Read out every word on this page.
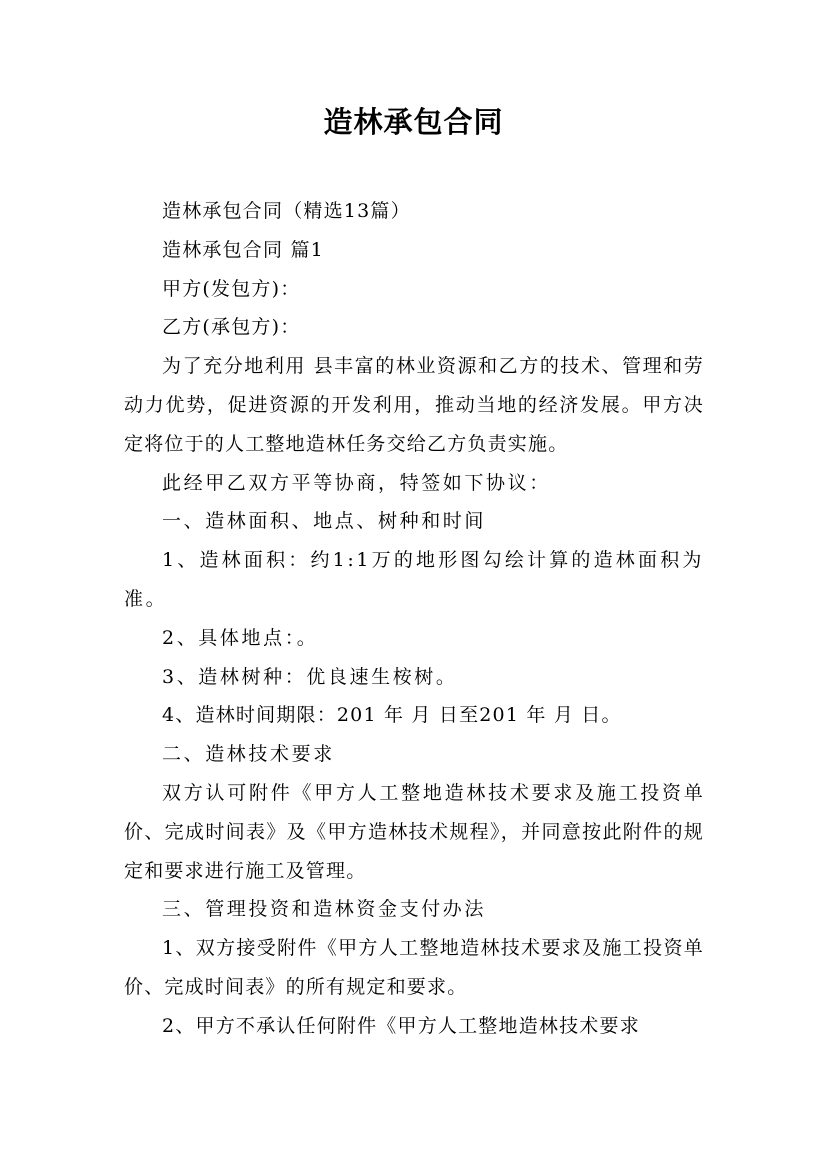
造林承包合同

造林承包合同（精选13篇）

造林承包合同 篇1

甲方(发包方)：

乙方(承包方)：

为了充分地利用 县丰富的林业资源和乙方的技术、管理和劳动力优势，促进资源的开发利用，推动当地的经济发展。甲方决定将位于的人工整地造林任务交给乙方负责实施。

此经甲乙双方平等协商，特签如下协议：

一、造林面积、地点、树种和时间

1、造林面积：约1:1万的地形图勾绘计算的造林面积为准。

2、具体地点：。

3、造林树种：优良速生桉树。

4、造林时间期限：201 年 月 日至201 年 月 日。

二、造林技术要求

双方认可附件《甲方人工整地造林技术要求及施工投资单价、完成时间表》及《甲方造林技术规程》，并同意按此附件的规定和要求进行施工及管理。

三、管理投资和造林资金支付办法

1、双方接受附件《甲方人工整地造林技术要求及施工投资单价、完成时间表》的所有规定和要求。

2、甲方不承认任何附件《甲方人工整地造林技术要求
